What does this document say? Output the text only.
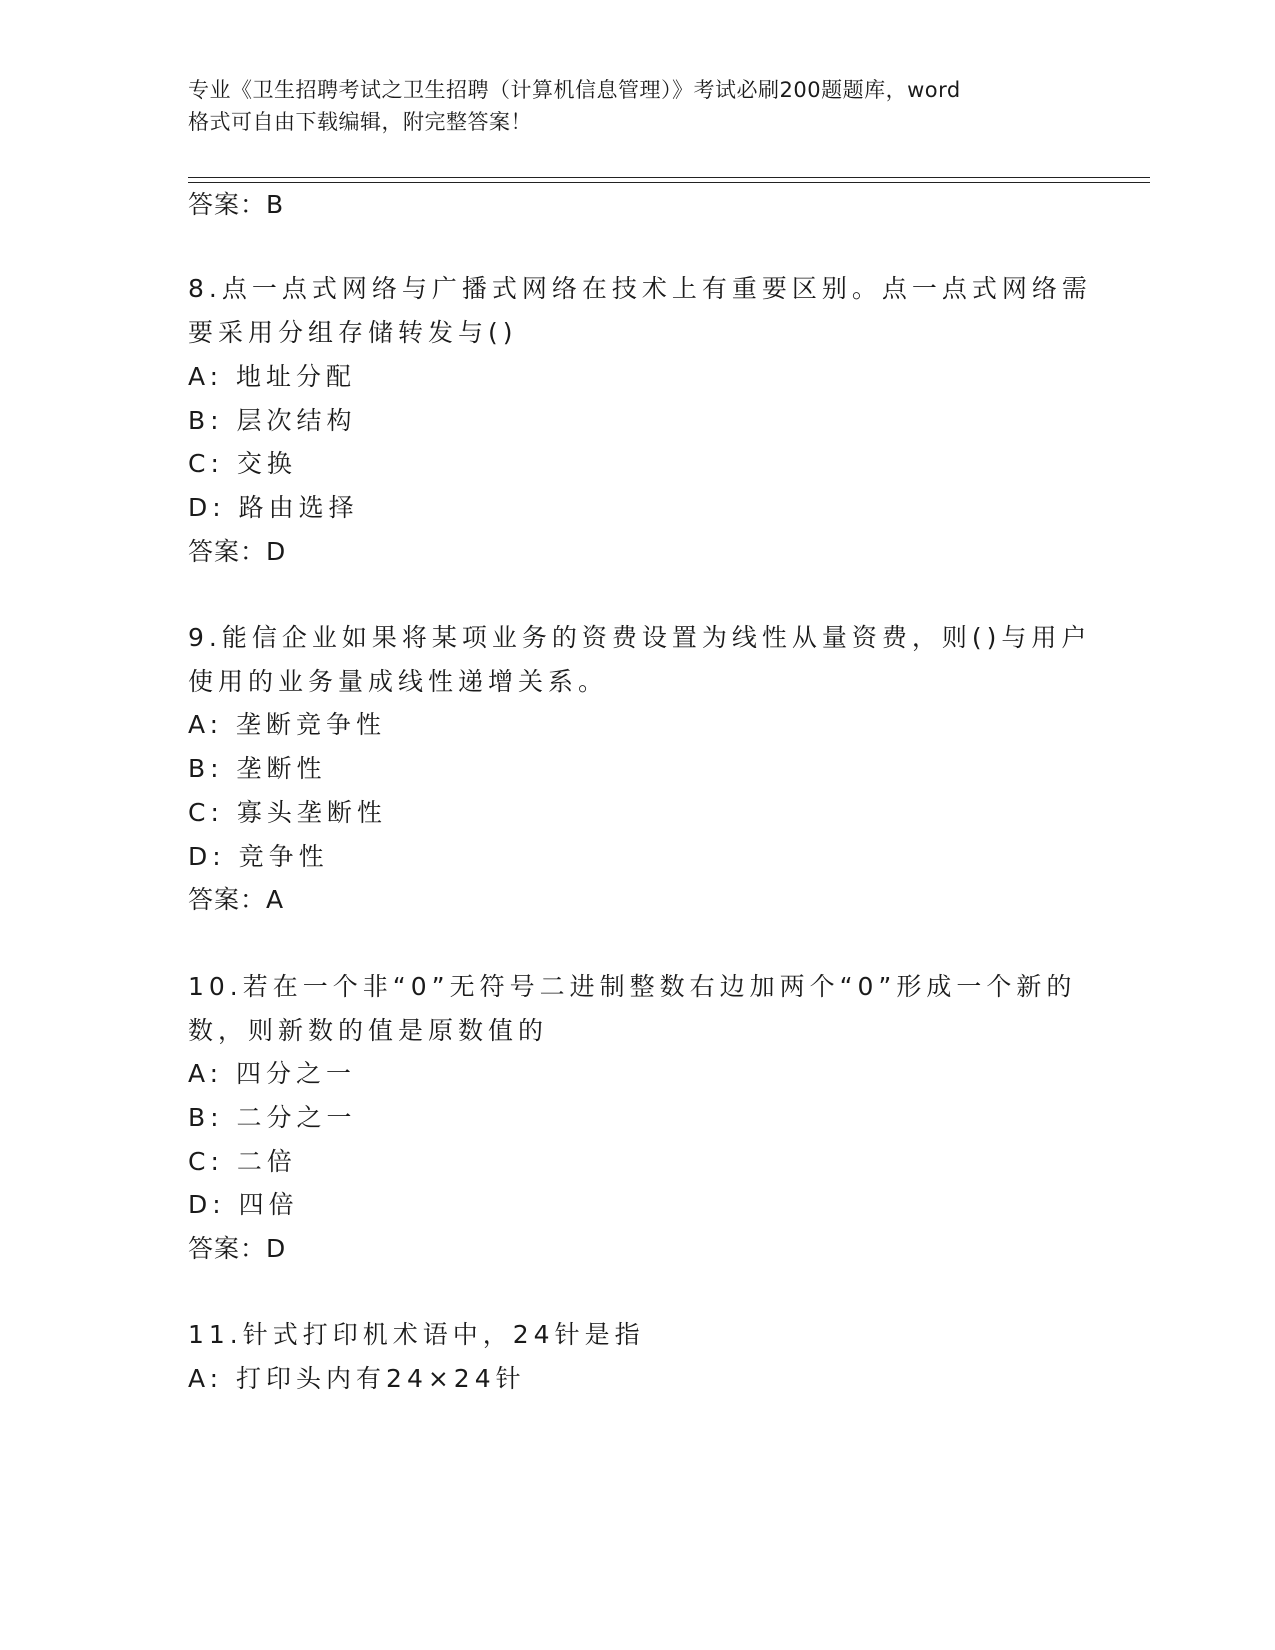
专业《卫生招聘考试之卫生招聘（计算机信息管理）》考试必刷200题题库，word
格式可自由下载编辑，附完整答案！
答案：B
8.点一点式网络与广播式网络在技术上有重要区别。点一点式网络需
要采用分组存储转发与()
A: 地址分配
B: 层次结构
C: 交换
D: 路由选择
答案：D
9.能信企业如果将某项业务的资费设置为线性从量资费，则()与用户
使用的业务量成线性递增关系。
A: 垄断竞争性
B: 垄断性
C: 寡头垄断性
D: 竞争性
答案：A
10.若在一个非“0”无符号二进制整数右边加两个“0”形成一个新的
数，则新数的值是原数值的
A: 四分之一
B: 二分之一
C: 二倍
D: 四倍
答案：D
11.针式打印机术语中，24针是指
A: 打印头内有24×24针
